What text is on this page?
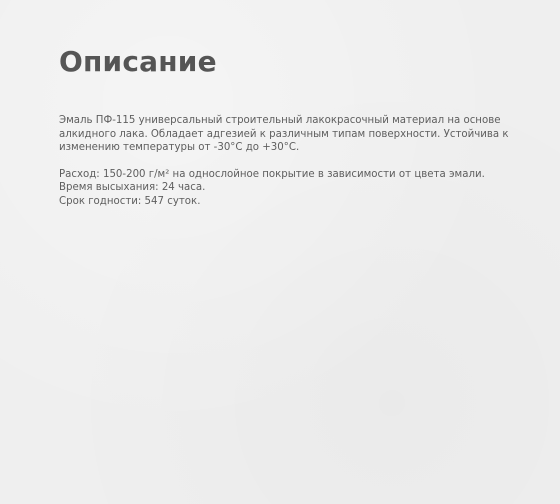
Описание

Эмаль ПФ-115 универсальный строительный лакокрасочный материал на основе
алкидного лака. Обладает адгезией к различным типам поверхности. Устойчива к
изменению температуры от -30°С до +30°С.

Расход: 150-200 г/м² на однослойное покрытие в зависимости от цвета эмали.
Время высыхания: 24 часа.
Срок годности: 547 суток.
